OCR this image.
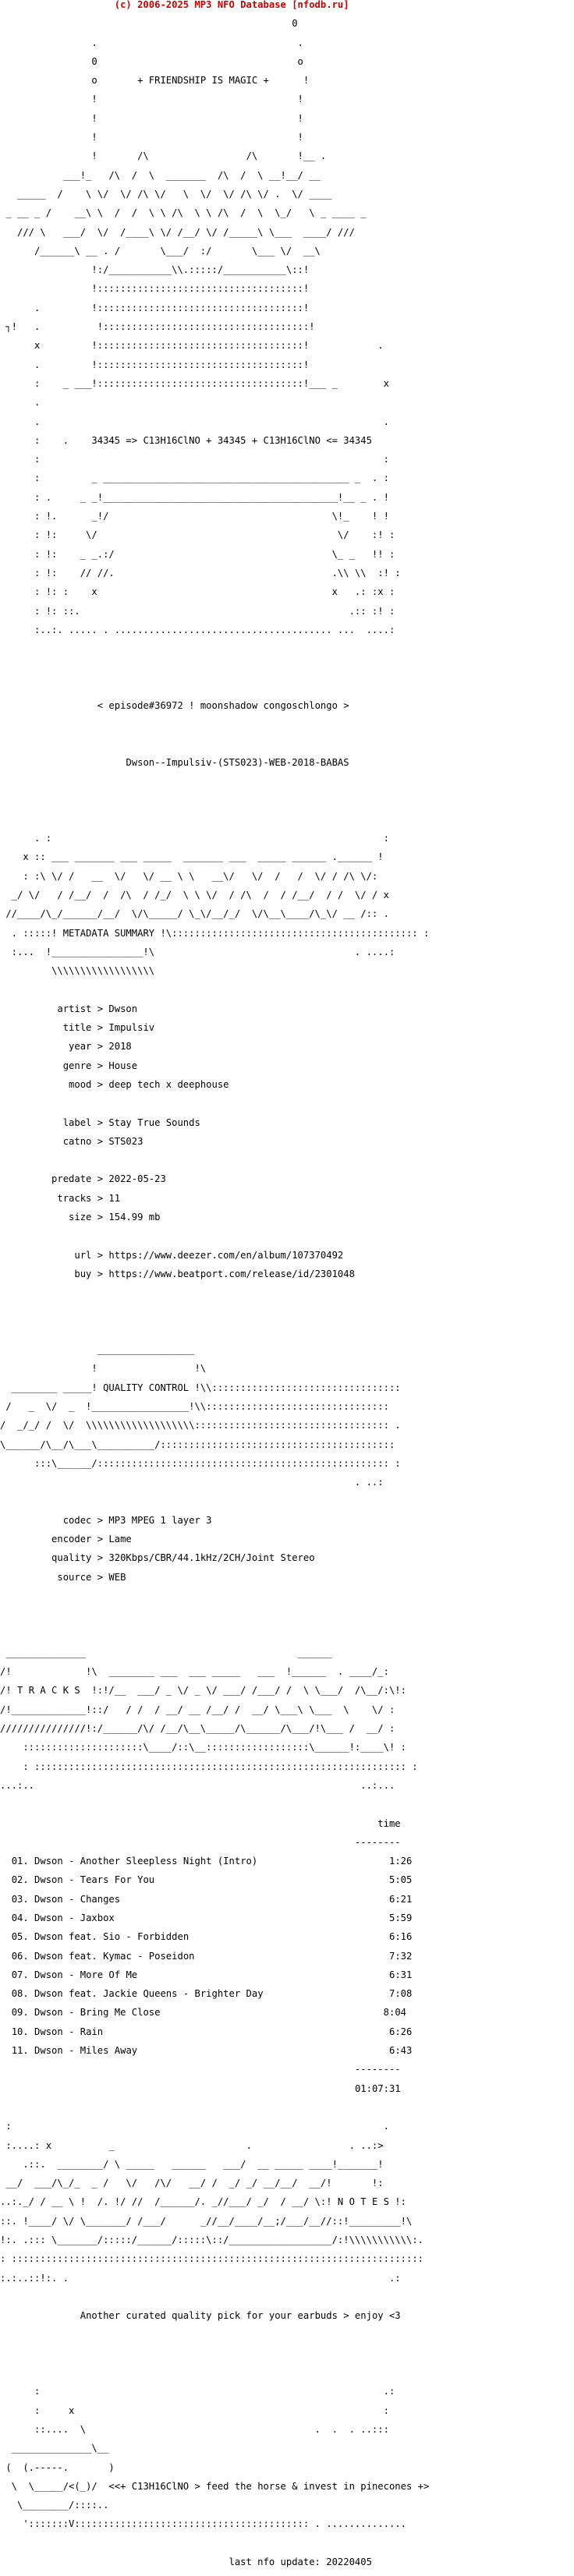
(c) 2006-2025 MP3 NFO Database [nfodb.ru]

0

.                                   .

0                                   o

o       + FRIENDSHIP IS MAGIC +      !

!                                   !

!                                   !

!                                   !

!       /\                 /\       !__ .

___!_   /\  /  \  _______  /\  /  \ __!__/ __

_____  /    \ \/  \/ /\ \/   \  \/  \/ /\ \/ .  \/ ____

_ __ _ /    __\ \  /  /  \ \ /\  \ \ /\  /  \  \_/   \ _ ____ _

/// \   ___/  \/  /____\ \/ /__/ \/ /_____\ \___  ____/ ///

/______\ __ . /       \___/  :/       \___ \/  __\

!:/___________\\.:::::/___________\::!

!::::::::::::::::::::::::::::::::::::!

.         !::::::::::::::::::::::::::::::::::::!

┐!   .          !::::::::::::::::::::::::::::::::::::!

x         !::::::::::::::::::::::::::::::::::::!            .

.         !::::::::::::::::::::::::::::::::::::!

:    _ ___!::::::::::::::::::::::::::::::::::::!___ _        x

.

.                                                            .

:    .    34345 => C13H16ClNO + 34345 + C13H16ClNO <= 34345

:                                                            :

:         _ ___________________________________________ _  . :

: .     _ _!_________________________________________!__ _ . !

: !.      _!/                                       \!_    ! !

: !:     \/                                          \/    :! :

: !:    _ _.:/                                      \_ _   !! :

: !:    // //.                                      .\\ \\  :! :

: !: :    x                                         x   .: :x :

: !: ::.                                               .:: :! :

:..:. ..... . ...................................... ...  ....:

< episode#36972 ! moonshadow congoschlongo >

Dwson--Impulsiv-(STS023)-WEB-2018-BABAS

. :                                                          :

x :: ___ _______ ___ _____  _______ ___  _____ ______ .______ !

: :\ \/ /   __  \/   \/ __ \ \   __\/   \/  /   /  \/ / /\ \/:

_/ \/   / /__/  /  /\  / /_/  \ \ \/  / /\  /  / /__/  / /  \/ / x

//____/\_/______/__/  \/\_____/ \_\/__/_/  \/\__\____/\_\/ __ /:: .

. :::::! METADATA SUMMARY !\::::::::::::::::::::::::::::::::::::::::::: :

:...  !________________!\                                   . ....:

\\\\\\\\\\\\\\\\\\

artist > Dwson

title > Impulsiv

year > 2018

genre > House

mood > deep tech x deephouse

label > Stay True Sounds

catno > STS023

predate > 2022-05-23

tracks > 11

size > 154.99 mb

url > https://www.deezer.com/en/album/107370492

buy > https://www.beatport.com/release/id/2301048

_________________

!                 !\

________ _____! QUALITY CONTROL !\\:::::::::::::::::::::::::::::::::

/   _  \/  _  !_________________!\\::::::::::::::::::::::::::::::::

/  _/_/ /  \/  \\\\\\\\\\\\\\\\\\\:::::::::::::::::::::::::::::::::: .

\______/\__/\___\__________/:::::::::::::::::::::::::::::::::::::::::

:::\______/::::::::::::::::::::::::::::::::::::::::::::::::::: :

. ..:

codec > MP3 MPEG 1 layer 3

encoder > Lame

quality > 320Kbps/CBR/44.1kHz/2CH/Joint Stereo

source > WEB

______________                                     ______

/!             !\  ________ ___  ___ _____   ___  !______  . ____/_:

/! T R A C K S  !:!/__  ___/ _ \/ _ \/ ___/ /___/ /  \ \___/  /\__/:\!:

/!_____________!::/   / /  / __/ __ /__/ /  __/ \___\ \___  \    \/ :

///////////////!:/______/\/ /__/\__\_____/\______/\___/!\___ /  __/ :

:::::::::::::::::::::\____/::\__::::::::::::::::::\______!:____\! :

: ::::::::::::::::::::::::::::::::::::::::::::::::::::::::::::::::: :

...:..                                                         ..:...

time

--------

01. Dwson - Another Sleepless Night (Intro)	1:26

02. Dwson - Tears For You	5:05

03. Dwson - Changes	6:21

04. Dwson - Jaxbox	5:59

05. Dwson feat. Sio - Forbidden	6:16

06. Dwson feat. Kymac - Poseidon	7:32

07. Dwson - More Of Me	6:31

08. Dwson feat. Jackie Queens - Brighter Day	7:08

09. Dwson - Bring Me Close	8:04

10. Dwson - Rain	6:26

11. Dwson - Miles Away	6:43

--------

01:07:31

:                                                                 .

:....: x          _                       .                 . ..:>

.::.  ________/ \ _____   ______   ___/  __ _____ ____!_______!

__/  ___/\_/_  _ /   \/   /\/   __/ /  _/ _/ __/__/  __/!       !:

..:._/ / __ \ !  /. !/ //  /______/. _//___/ _/  / __/ \:! N O T E S !:

::. !____/ \/ \_______/ /___/      _//__/____/__;/___/__//::!_________!\

!:. .::: \_______/:::::/______/:::::\::/__________________/:!\\\\\\\\\\\:.

: ::::::::::::::::::::::::::::::::::::::::::::::::::::::::::::::::::::::::

:.:..::!:. .                                                        .:

Another curated quality pick for your earbuds > enjoy <3

:                                                            .:

:     x                                                      :

::....  \                                        .  .  . ..:::

______________\__

(  (.-----.       )

\  \_____/<(_)/  <<+ C13H16ClNO > feed the horse & invest in pinecones +>

\________/::::..

':::::::V::::::::::::::::::::::::::::::::::::::::: . ..............

last nfo update: 20220405
